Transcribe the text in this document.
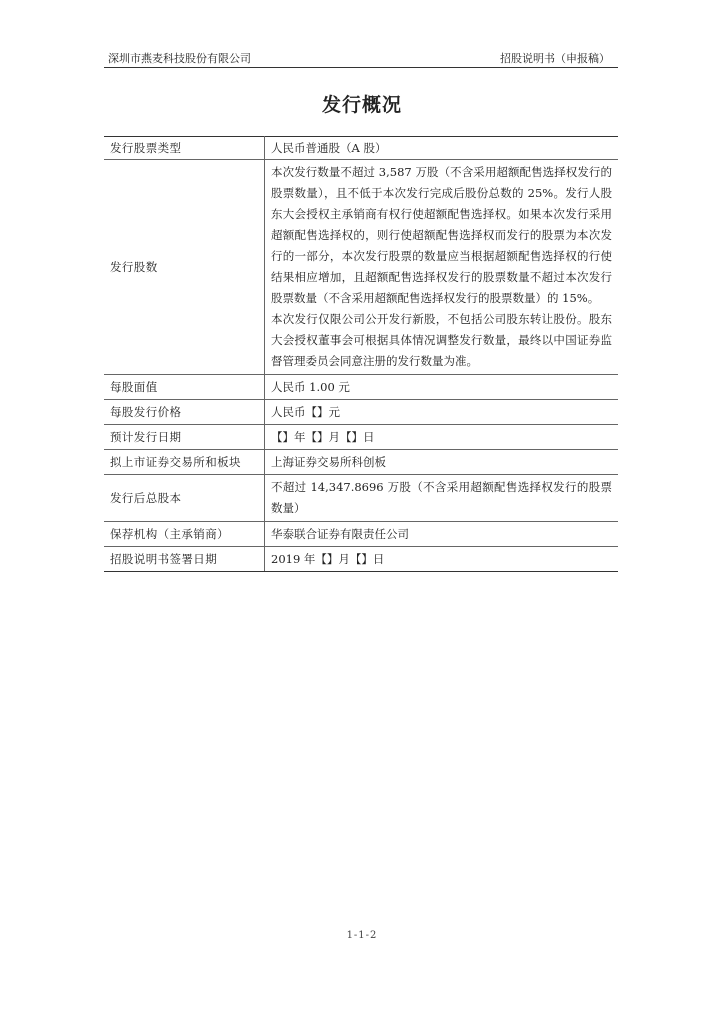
深圳市燕麦科技股份有限公司	招股说明书（申报稿）
发行概况
发行股票类型	人民币普通股（A 股）

发行股数	本次发行数量不超过 3,587 万股（不含采用超额配售选择权发行的股票数量），且不低于本次发行完成后股份总数的 25%。发行人股东大会授权主承销商有权行使超额配售选择权。如果本次发行采用超额配售选择权的，则行使超额配售选择权而发行的股票为本次发行的一部分，本次发行股票的数量应当根据超额配售选择权的行使结果相应增加，且超额配售选择权发行的股票数量不超过本次发行股票数量（不含采用超额配售选择权发行的股票数量）的 15%。

本次发行仅限公司公开发行新股，不包括公司股东转让股份。股东大会授权董事会可根据具体情况调整发行数量，最终以中国证券监督管理委员会同意注册的发行数量为准。

每股面值	人民币 1.00 元

每股发行价格	人民币【】元

预计发行日期	【】年【】月【】日

拟上市证券交易所和板块	上海证券交易所科创板

发行后总股本	不超过 14,347.8696 万股（不含采用超额配售选择权发行的股票数量）

保荐机构（主承销商）	华泰联合证券有限责任公司

招股说明书签署日期	2019 年【】月【】日

1-1-2
